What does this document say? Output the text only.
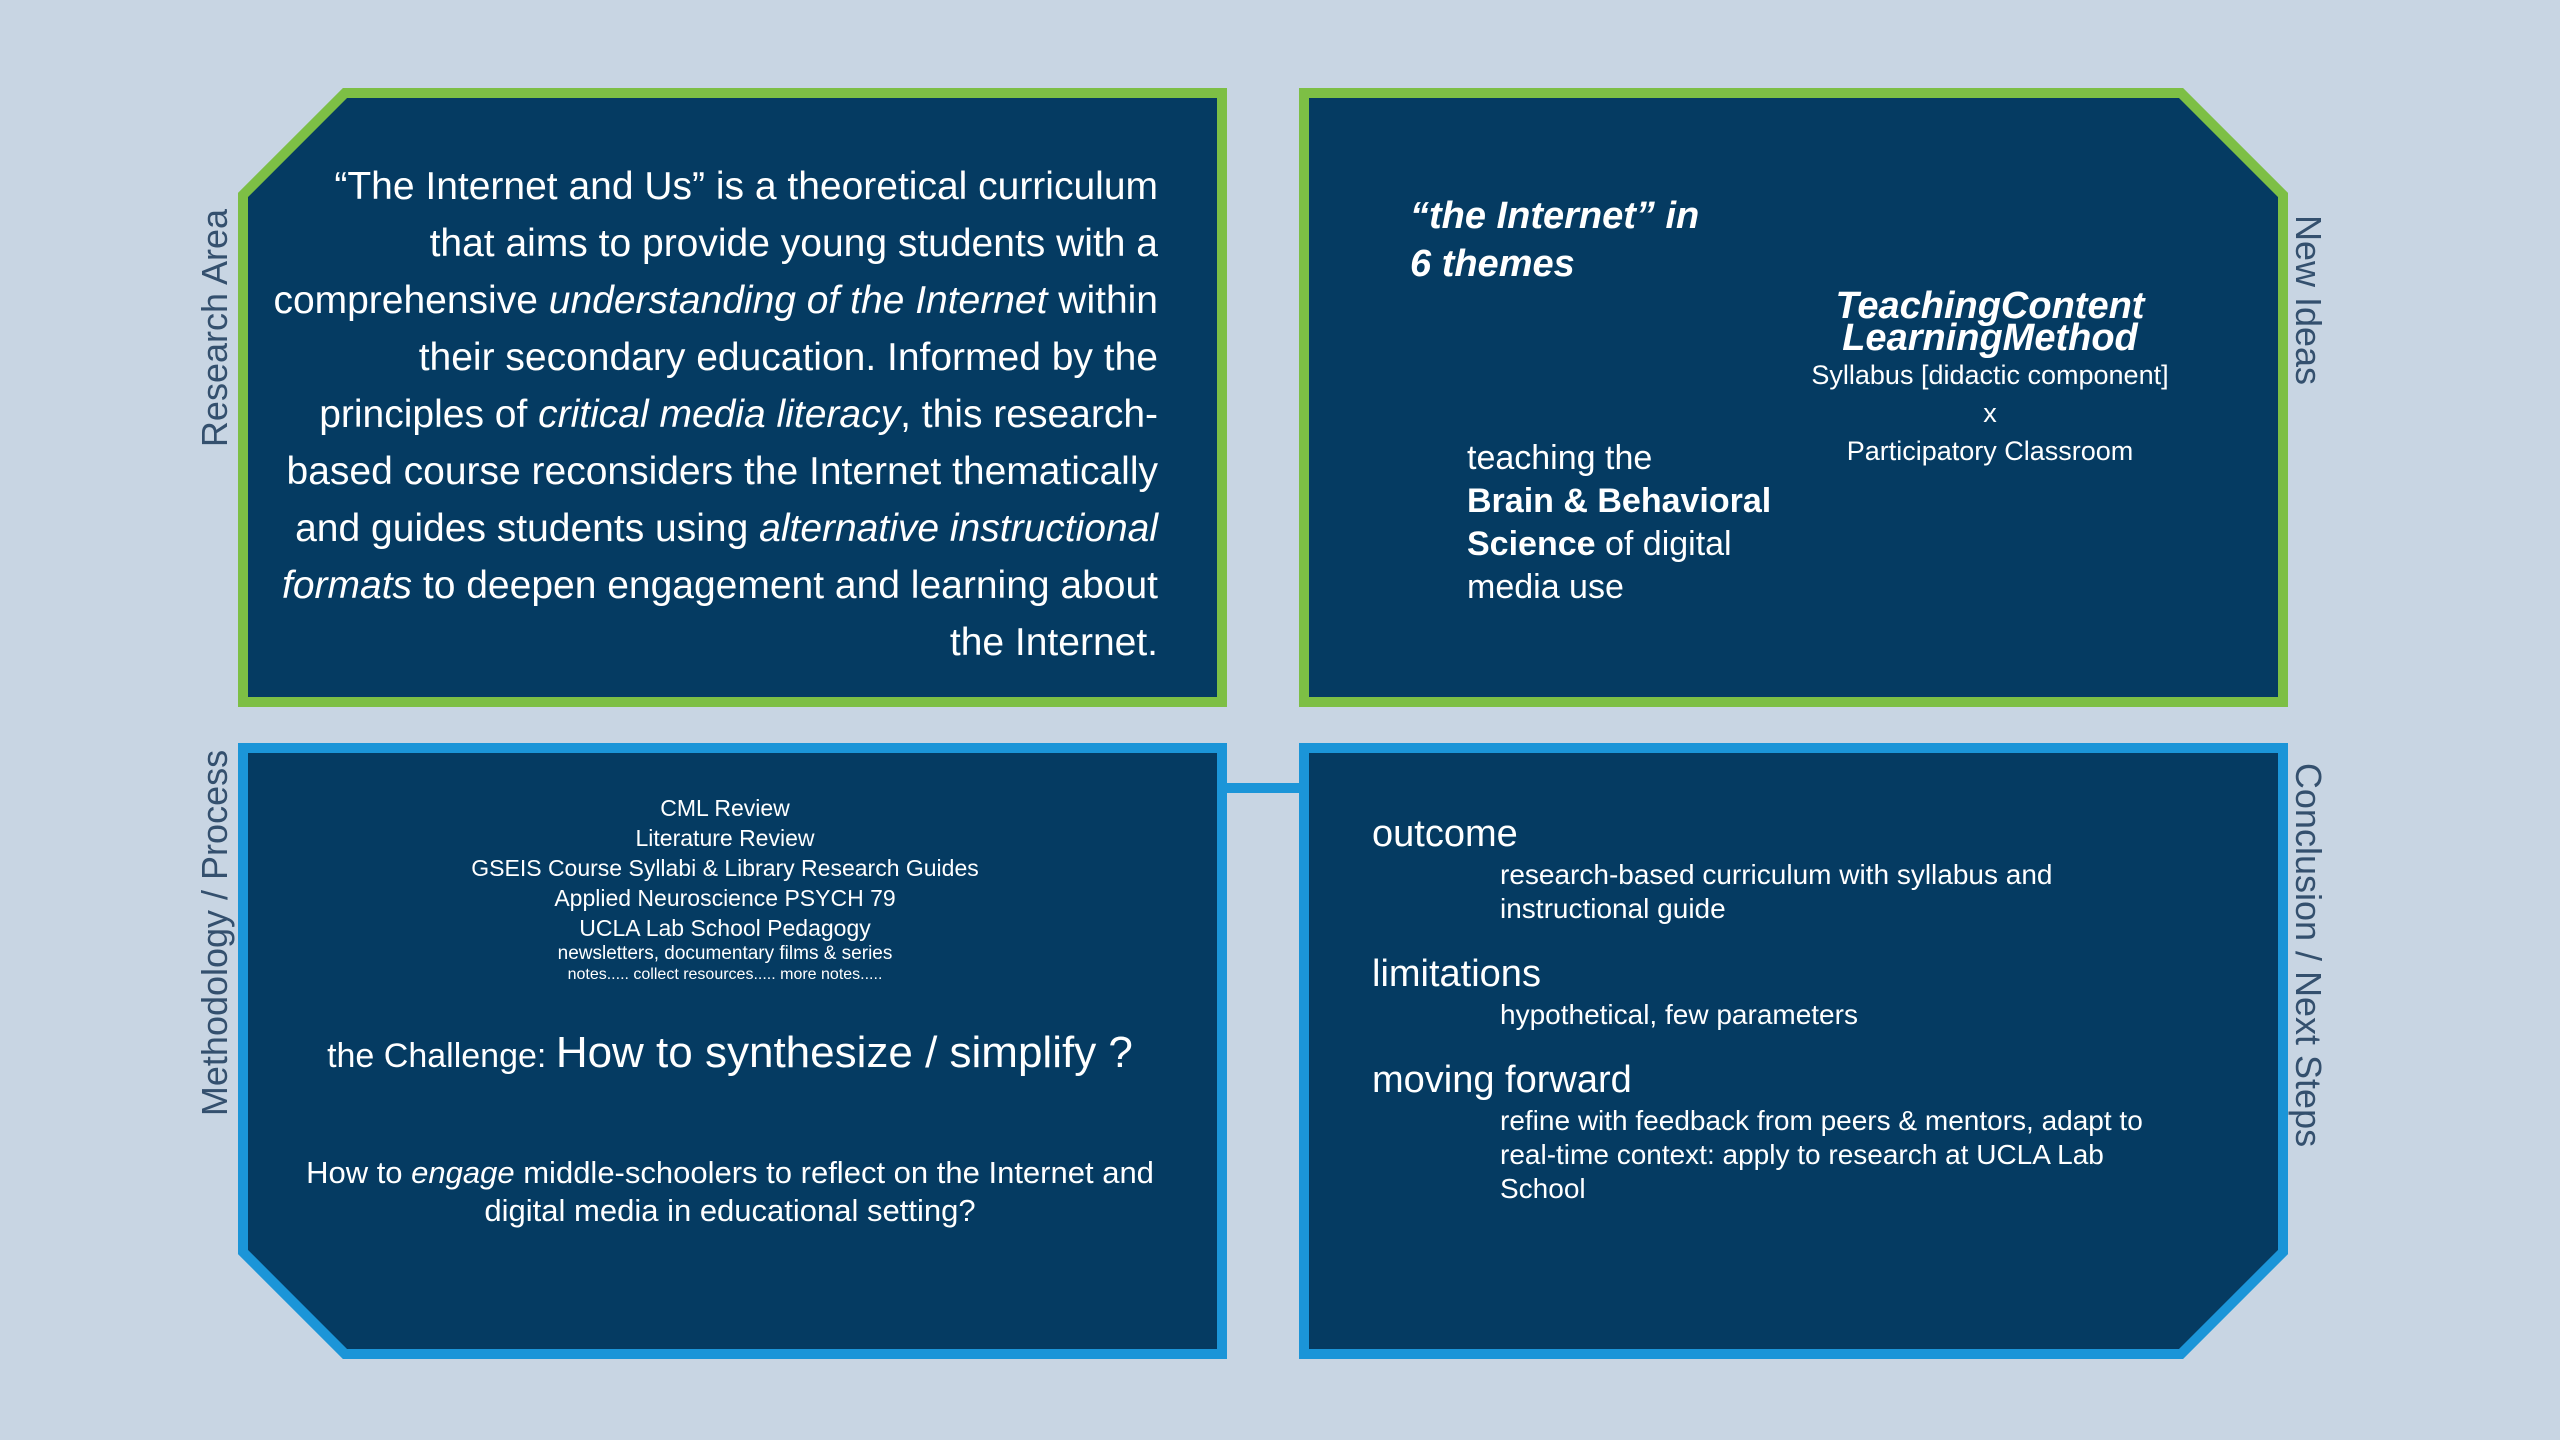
Research Area	New Ideas
Methodology / Process	Conclusion / Next Steps
“The Internet and Us” is a theoretical curriculum that aims to provide young students with a comprehensive understanding of the Internet within their secondary education. Informed by the principles of critical media literacy, this research-based course reconsiders the Internet thematically and guides students using alternative instructional formats to deepen engagement and learning about the Internet.
“the Internet” in
6 themes
TeachingContent
LearningMethod
Syllabus [didactic component]
x
Participatory Classroom
teaching the
Brain & Behavioral Science of digital media use
CML Review
Literature Review
GSEIS Course Syllabi & Library Research Guides
Applied Neuroscience PSYCH 79
UCLA Lab School Pedagogy
newsletters, documentary films & series
notes..... collect resources..... more notes.....
the Challenge: How to synthesize / simplify ?
How to engage middle-schoolers to reflect on the Internet and digital media in educational setting?
outcome
research-based curriculum with syllabus and instructional guide
limitations
hypothetical, few parameters
moving forward
refine with feedback from peers & mentors, adapt to real-time context: apply to research at UCLA Lab School
